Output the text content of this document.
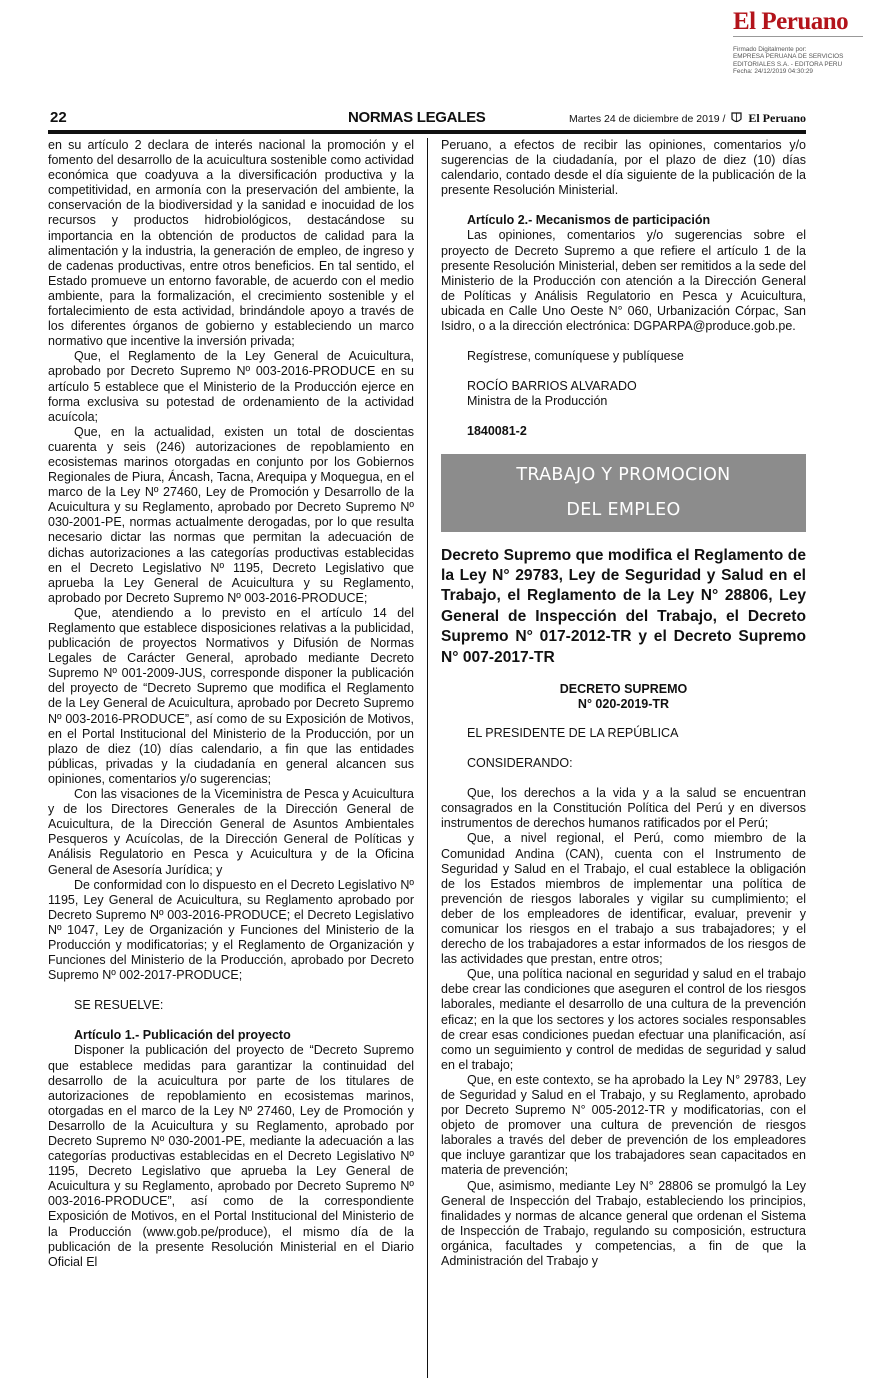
El Peruano
Firmado Digitalmente por:
EMPRESA PERUANA DE SERVICIOS
EDITORIALES S.A. - EDITORA PERU
Fecha: 24/12/2019 04:30:29
22	NORMAS LEGALES	Martes 24 de diciembre de 2019 / El Peruano

en su artículo 2 declara de interés nacional la promoción y el fomento del desarrollo de la acuicultura sostenible como actividad económica que coadyuva a la diversificación productiva y la competitividad, en armonía con la preservación del ambiente, la conservación de la biodiversidad y la sanidad e inocuidad de los recursos y productos hidrobiológicos, destacándose su importancia en la obtención de productos de calidad para la alimentación y la industria, la generación de empleo, de ingreso y de cadenas productivas, entre otros beneficios. En tal sentido, el Estado promueve un entorno favorable, de acuerdo con el medio ambiente, para la formalización, el crecimiento sostenible y el fortalecimiento de esta actividad, brindándole apoyo a través de los diferentes órganos de gobierno y estableciendo un marco normativo que incentive la inversión privada;

Que, el Reglamento de la Ley General de Acuicultura, aprobado por Decreto Supremo Nº 003-2016-PRODUCE en su artículo 5 establece que el Ministerio de la Producción ejerce en forma exclusiva su potestad de ordenamiento de la actividad acuícola;

Que, en la actualidad, existen un total de doscientas cuarenta y seis (246) autorizaciones de repoblamiento en ecosistemas marinos otorgadas en conjunto por los Gobiernos Regionales de Piura, Áncash, Tacna, Arequipa y Moquegua, en el marco de la Ley Nº 27460, Ley de Promoción y Desarrollo de la Acuicultura y su Reglamento, aprobado por Decreto Supremo Nº 030-2001-PE, normas actualmente derogadas, por lo que resulta necesario dictar las normas que permitan la adecuación de dichas autorizaciones a las categorías productivas establecidas en el Decreto Legislativo Nº 1195, Decreto Legislativo que aprueba la Ley General de Acuicultura y su Reglamento, aprobado por Decreto Supremo Nº 003-2016-PRODUCE;

Que, atendiendo a lo previsto en el artículo 14 del Reglamento que establece disposiciones relativas a la publicidad, publicación de proyectos Normativos y Difusión de Normas Legales de Carácter General, aprobado mediante Decreto Supremo Nº 001-2009-JUS, corresponde disponer la publicación del proyecto de “Decreto Supremo que modifica el Reglamento de la Ley General de Acuicultura, aprobado por Decreto Supremo Nº 003-2016-PRODUCE”, así como de su Exposición de Motivos, en el Portal Institucional del Ministerio de la Producción, por un plazo de diez (10) días calendario, a fin que las entidades públicas, privadas y la ciudadanía en general alcancen sus opiniones, comentarios y/o sugerencias;

Con las visaciones de la Viceministra de Pesca y Acuicultura y de los Directores Generales de la Dirección General de Acuicultura, de la Dirección General de Asuntos Ambientales Pesqueros y Acuícolas, de la Dirección General de Políticas y Análisis Regulatorio en Pesca y Acuicultura y de la Oficina General de Asesoría Jurídica; y

De conformidad con lo dispuesto en el Decreto Legislativo Nº 1195, Ley General de Acuicultura, su Reglamento aprobado por Decreto Supremo Nº 003-2016-PRODUCE; el Decreto Legislativo Nº 1047, Ley de Organización y Funciones del Ministerio de la Producción y modificatorias; y el Reglamento de Organización y Funciones del Ministerio de la Producción, aprobado por Decreto Supremo Nº 002-2017-PRODUCE;

SE RESUELVE:

Artículo 1.- Publicación del proyecto

Disponer la publicación del proyecto de “Decreto Supremo que establece medidas para garantizar la continuidad del desarrollo de la acuicultura por parte de los titulares de autorizaciones de repoblamiento en ecosistemas marinos, otorgadas en el marco de la Ley Nº 27460, Ley de Promoción y Desarrollo de la Acuicultura y su Reglamento, aprobado por Decreto Supremo Nº 030-2001-PE, mediante la adecuación a las categorías productivas establecidas en el Decreto Legislativo Nº 1195, Decreto Legislativo que aprueba la Ley General de Acuicultura y su Reglamento, aprobado por Decreto Supremo Nº 003-2016-PRODUCE”, así como de la correspondiente Exposición de Motivos, en el Portal Institucional del Ministerio de la Producción (www.gob.pe/produce), el mismo día de la publicación de la presente Resolución Ministerial en el Diario Oficial El

Peruano, a efectos de recibir las opiniones, comentarios y/o sugerencias de la ciudadanía, por el plazo de diez (10) días calendario, contado desde el día siguiente de la publicación de la presente Resolución Ministerial.

Artículo 2.- Mecanismos de participación

Las opiniones, comentarios y/o sugerencias sobre el proyecto de Decreto Supremo a que refiere el artículo 1 de la presente Resolución Ministerial, deben ser remitidos a la sede del Ministerio de la Producción con atención a la Dirección General de Políticas y Análisis Regulatorio en Pesca y Acuicultura, ubicada en Calle Uno Oeste N° 060, Urbanización Córpac, San Isidro, o a la dirección electrónica: DGPARPA@produce.gob.pe.

Regístrese, comuníquese y publíquese

ROCÍO BARRIOS ALVARADO

Ministra de la Producción

1840081-2

TRABAJO Y PROMOCION
DEL EMPLEO

Decreto Supremo que modifica el Reglamento de la Ley N° 29783, Ley de Seguridad y Salud en el Trabajo, el Reglamento de la Ley N° 28806, Ley General de Inspección del Trabajo, el Decreto Supremo N° 017-2012-TR y el Decreto Supremo N° 007-2017-TR

DECRETO SUPREMO
N° 020-2019-TR

EL PRESIDENTE DE LA REPÚBLICA

CONSIDERANDO:

Que, los derechos a la vida y a la salud se encuentran consagrados en la Constitución Política del Perú y en diversos instrumentos de derechos humanos ratificados por el Perú;

Que, a nivel regional, el Perú, como miembro de la Comunidad Andina (CAN), cuenta con el Instrumento de Seguridad y Salud en el Trabajo, el cual establece la obligación de los Estados miembros de implementar una política de prevención de riesgos laborales y vigilar su cumplimiento; el deber de los empleadores de identificar, evaluar, prevenir y comunicar los riesgos en el trabajo a sus trabajadores; y el derecho de los trabajadores a estar informados de los riesgos de las actividades que prestan, entre otros;

Que, una política nacional en seguridad y salud en el trabajo debe crear las condiciones que aseguren el control de los riesgos laborales, mediante el desarrollo de una cultura de la prevención eficaz; en la que los sectores y los actores sociales responsables de crear esas condiciones puedan efectuar una planificación, así como un seguimiento y control de medidas de seguridad y salud en el trabajo;

Que, en este contexto, se ha aprobado la Ley N° 29783, Ley de Seguridad y Salud en el Trabajo, y su Reglamento, aprobado por Decreto Supremo N° 005-2012-TR y modificatorias, con el objeto de promover una cultura de prevención de riesgos laborales a través del deber de prevención de los empleadores que incluye garantizar que los trabajadores sean capacitados en materia de prevención;

Que, asimismo, mediante Ley N° 28806 se promulgó la Ley General de Inspección del Trabajo, estableciendo los principios, finalidades y normas de alcance general que ordenan el Sistema de Inspección de Trabajo, regulando su composición, estructura orgánica, facultades y competencias, a fin de que la Administración del Trabajo y
